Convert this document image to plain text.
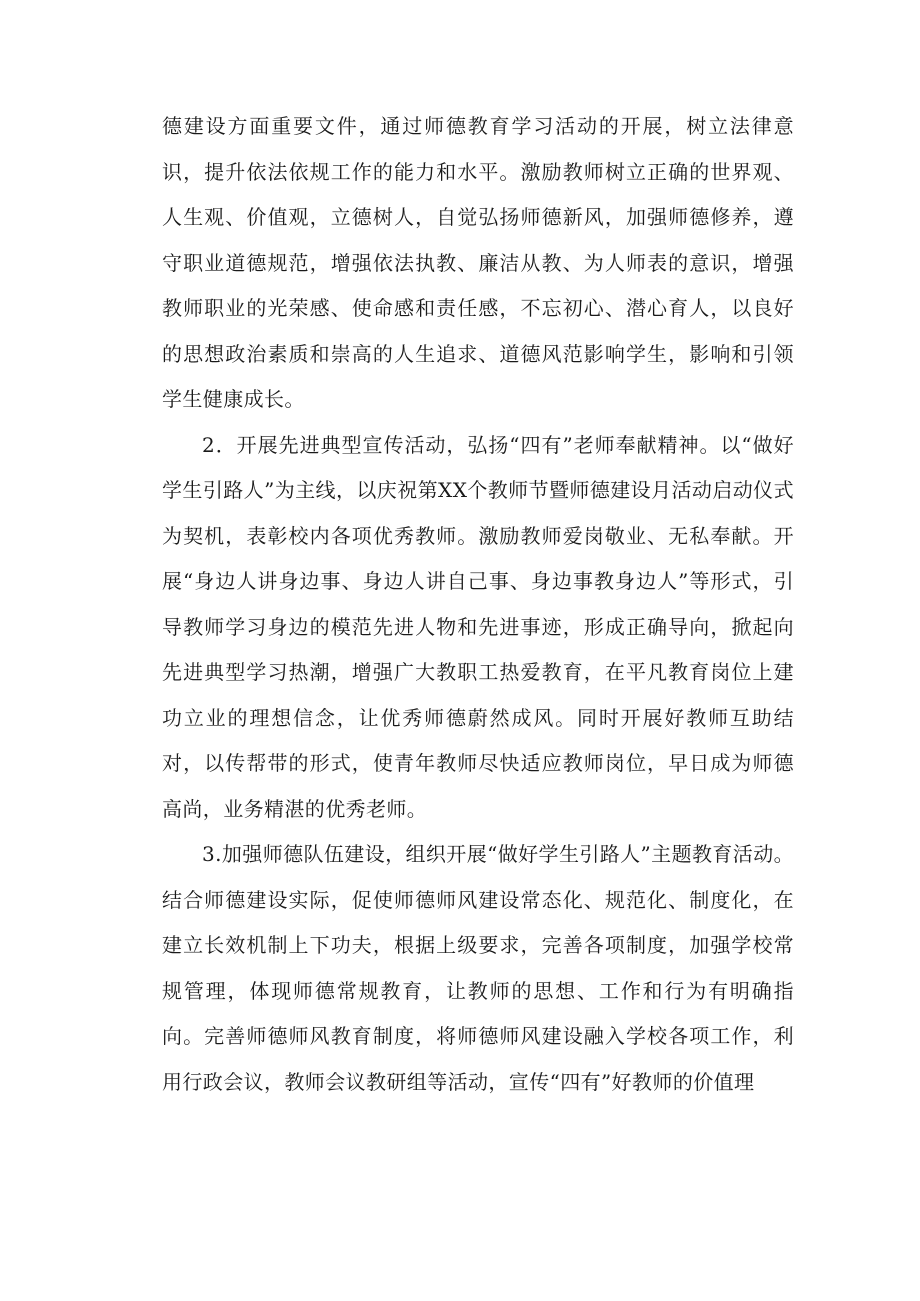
德建设方面重要文件，通过师德教育学习活动的开展，树立法律意识，提升依法依规工作的能力和水平。激励教师树立正确的世界观、人生观、价值观，立德树人，自觉弘扬师德新风，加强师德修养，遵守职业道德规范，增强依法执教、廉洁从教、为人师表的意识，增强教师职业的光荣感、使命感和责任感，不忘初心、潜心育人，以良好的思想政治素质和崇高的人生追求、道德风范影响学生，影响和引领学生健康成长。

2．开展先进典型宣传活动，弘扬“四有”老师奉献精神。以“做好学生引路人”为主线，以庆祝第XX个教师节暨师德建设月活动启动仪式为契机，表彰校内各项优秀教师。激励教师爱岗敬业、无私奉献。开展“身边人讲身边事、身边人讲自己事、身边事教身边人”等形式，引导教师学习身边的模范先进人物和先进事迹，形成正确导向，掀起向先进典型学习热潮，增强广大教职工热爱教育，在平凡教育岗位上建功立业的理想信念，让优秀师德蔚然成风。同时开展好教师互助结对，以传帮带的形式，使青年教师尽快适应教师岗位，早日成为师德高尚，业务精湛的优秀老师。

3.加强师德队伍建设，组织开展“做好学生引路人”主题教育活动。结合师德建设实际，促使师德师风建设常态化、规范化、制度化，在建立长效机制上下功夫，根据上级要求，完善各项制度，加强学校常规管理，体现师德常规教育，让教师的思想、工作和行为有明确指向。完善师德师风教育制度，将师德师风建设融入学校各项工作，利用行政会议，教师会议教研组等活动，宣传“四有”好教师的价值理
